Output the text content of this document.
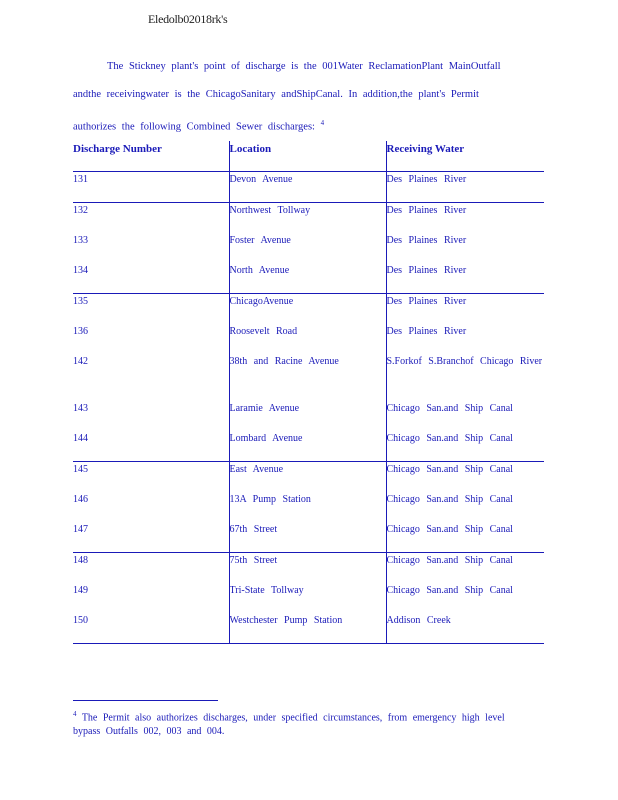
Eledolb02018rk's
The Stickney plant's point of discharge is the 001Water ReclamationPlant MainOutfall
andthe receivingwater is the ChicagoSanitary andShipCanal. In addition,the plant's Permit
authorizes the following Combined Sewer discharges: $^4$
Discharge Number	Location	Receiving Water
131	Devon Avenue	Des Plaines River
132	Northwest Tollway	Des Plaines River
133	Foster Avenue	Des Plaines River
134	North Avenue	Des Plaines River
135	ChicagoAvenue	Des Plaines River
136	Roosevelt Road	Des Plaines River
142	38th and Racine Avenue	S.Forkof S.Branchof Chicago River
143	Laramie Avenue	Chicago San.and Ship Canal
144	Lombard Avenue	Chicago San.and Ship Canal
145	East Avenue	Chicago San.and Ship Canal
146	13A Pump Station	Chicago San.and Ship Canal
147	67th Street	Chicago San.and Ship Canal
148	75th Street	Chicago San.and Ship Canal
149	Tri-State Tollway	Chicago San.and Ship Canal
150	Westchester Pump Station	Addison Creek
$^4$ The Permit also authorizes discharges, under specified circumstances, from emergency high level bypass Outfalls 002, 003 and 004.
